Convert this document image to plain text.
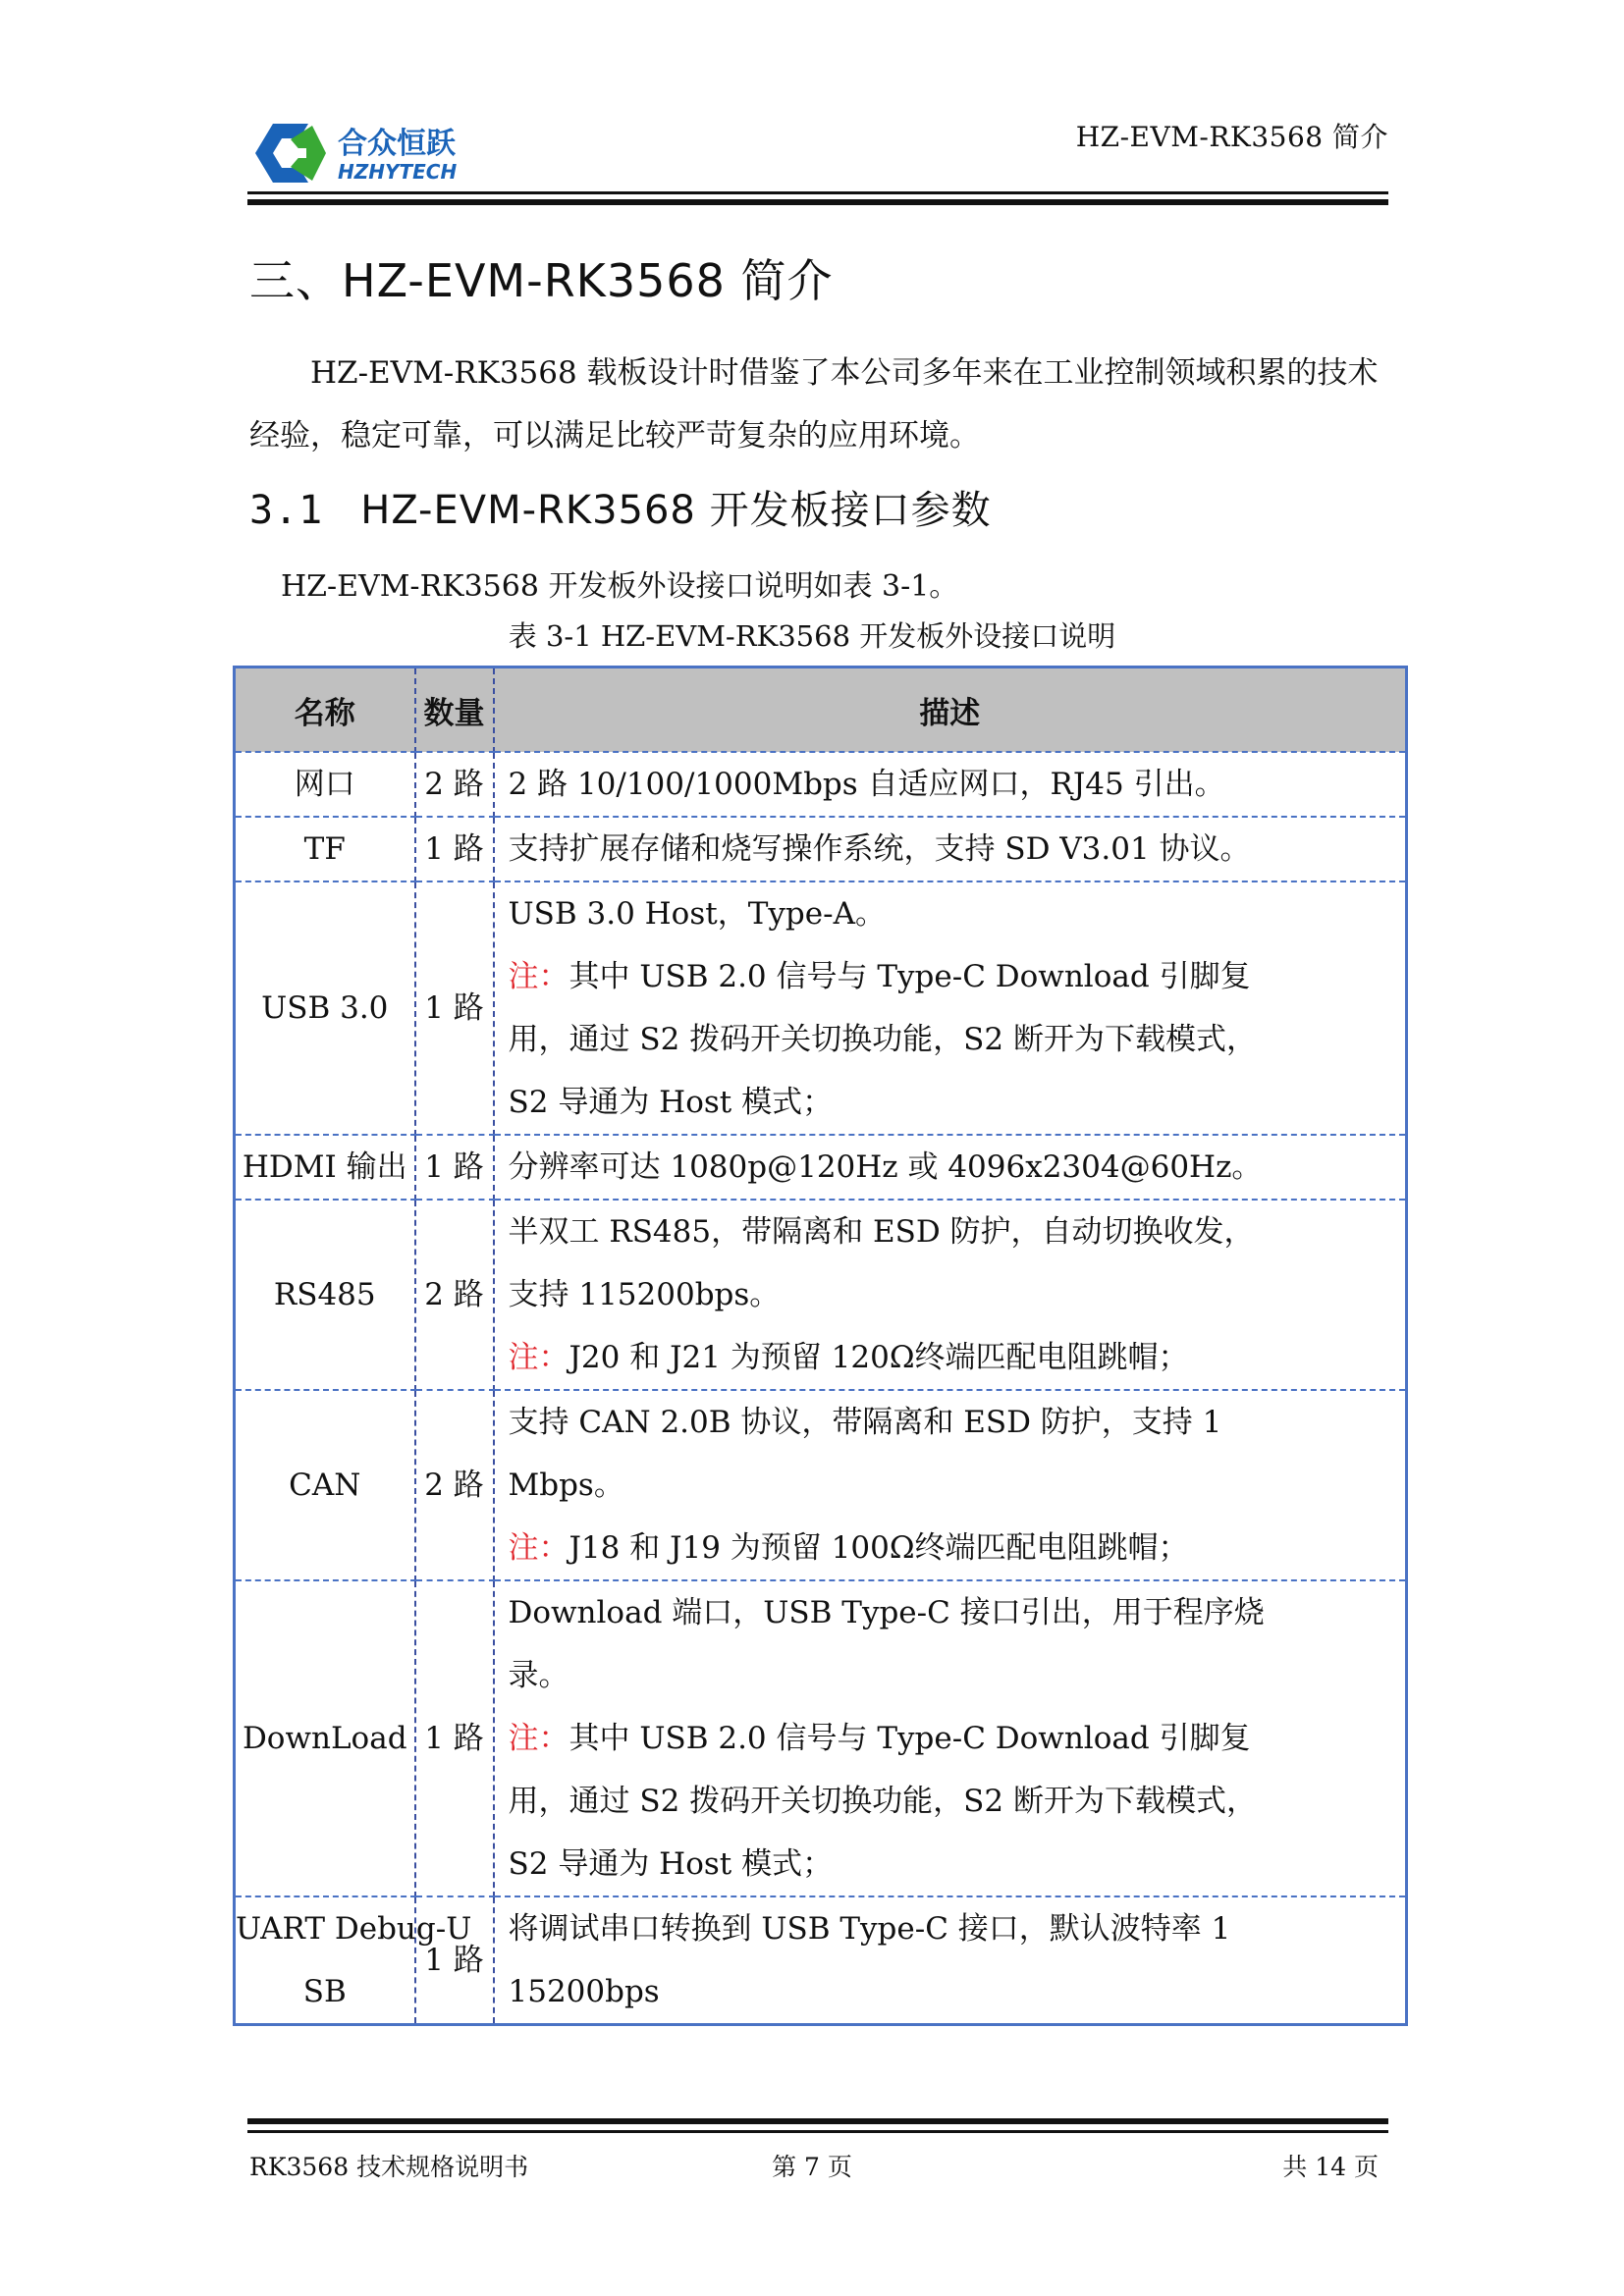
合众恒跃
HZHYTECH
HZ-EVM-RK3568 简介
三、HZ-EVM-RK3568 简介

HZ-EVM-RK3568 载板设计时借鉴了本公司多年来在工业控制领域积累的技术经验，稳定可靠，可以满足比较严苛复杂的应用环境。

3.1 HZ-EVM-RK3568 开发板接口参数

HZ-EVM-RK3568 开发板外设接口说明如表 3-1。

表 3-1 HZ-EVM-RK3568 开发板外设接口说明

名称	数量	描述

网口	2 路	2 路 10/100/1000Mbps 自适应网口，RJ45 引出。

TF	1 路	支持扩展存储和烧写操作系统，支持 SD V3.01 协议。

USB 3.0	1 路	USB 3.0 Host，Type-A。
注：其中 USB 2.0 信号与 Type-C Download 引脚复
用，通过 S2 拨码开关切换功能，S2 断开为下载模式，
S2 导通为 Host 模式；

HDMI 输出	1 路	分辨率可达 1080p@120Hz 或 4096x2304@60Hz。

RS485	2 路	半双工 RS485，带隔离和 ESD 防护，自动切换收发，
支持 115200bps。
注：J20 和 J21 为预留 120Ω终端匹配电阻跳帽；

CAN	2 路	支持 CAN 2.0B 协议，带隔离和 ESD 防护，支持 1
Mbps。
注：J18 和 J19 为预留 100Ω终端匹配电阻跳帽；

DownLoad	1 路	Download 端口，USB Type-C 接口引出，用于程序烧
录。
注：其中 USB 2.0 信号与 Type-C Download 引脚复
用，通过 S2 拨码开关切换功能，S2 断开为下载模式，
S2 导通为 Host 模式；

UART Debug-U
SB	1 路	将调试串口转换到 USB Type-C 接口，默认波特率 1
15200bps
RK3568 技术规格说明书	第 7 页	共 14 页
